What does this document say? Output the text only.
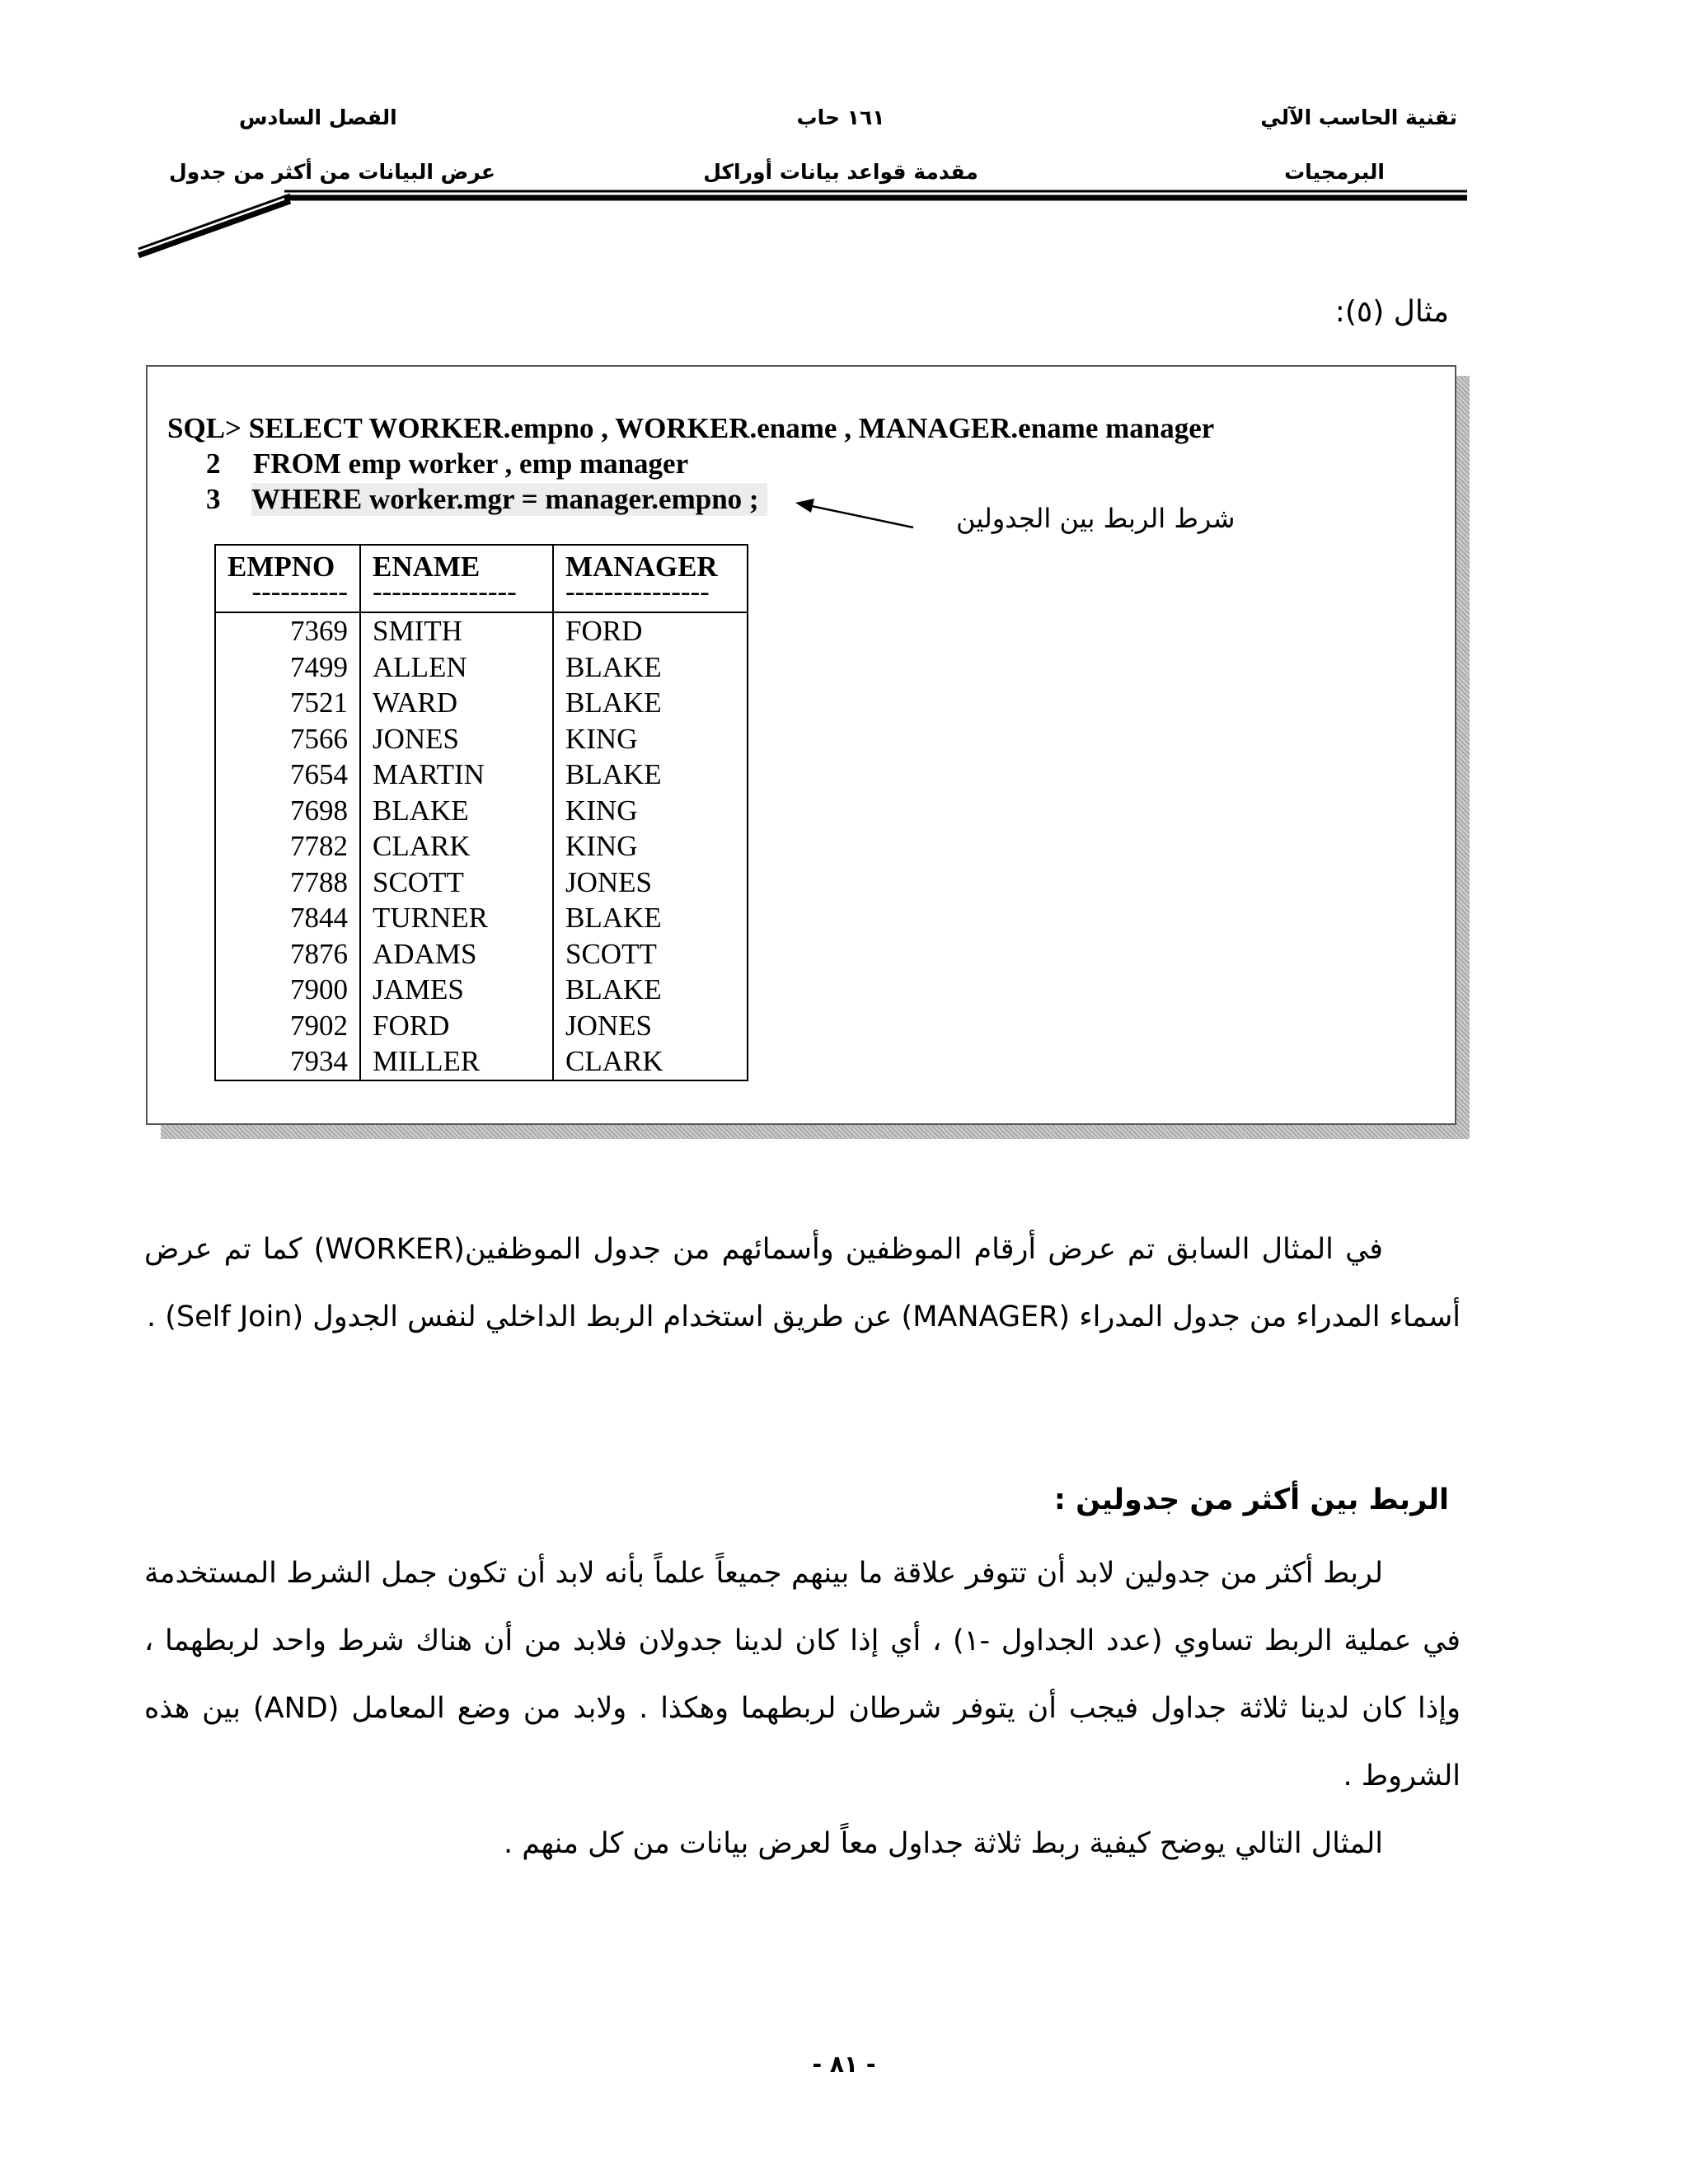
تقنية الحاسب الآلي
البرمجيات
١٦١ حاب
مقدمة قواعد بيانات أوراكل
الفصل السادس
عرض البيانات من أكثر من جدول
مثال (٥):
SQL> SELECT WORKER.empno , WORKER.ename , MANAGER.ename manager
2 FROM emp worker , emp manager
3 WHERE worker.mgr = manager.empno ;
شرط الربط بين الجدولين
EMPNO	ENAME	MANAGER
----------	---------------	---------------
7369	SMITH	FORD
7499	ALLEN	BLAKE
7521	WARD	BLAKE
7566	JONES	KING
7654	MARTIN	BLAKE
7698	BLAKE	KING
7782	CLARK	KING
7788	SCOTT	JONES
7844	TURNER	BLAKE
7876	ADAMS	SCOTT
7900	JAMES	BLAKE
7902	FORD	JONES
7934	MILLER	CLARK

في المثال السابق تم عرض أرقام الموظفين وأسمائهم من جدول الموظفين(WORKER) كما تم عرض أسماء المدراء من جدول المدراء (MANAGER) عن طريق استخدام الربط الداخلي لنفس الجدول (Self Join) .

الربط بين أكثر من جدولين :

لربط أكثر من جدولين لابد أن تتوفر علاقة ما بينهم جميعاً علماً بأنه لابد أن تكون جمل الشرط المستخدمة في عملية الربط تساوي (عدد الجداول -١) ، أي إذا كان لدينا جدولان فلابد من أن هناك شرط واحد لربطهما ، وإذا كان لدينا ثلاثة جداول فيجب أن يتوفر شرطان لربطهما وهكذا . ولابد من وضع المعامل (AND) بين هذه الشروط .

المثال التالي يوضح كيفية ربط ثلاثة جداول معاً لعرض بيانات من كل منهم .

- ٨١ -
